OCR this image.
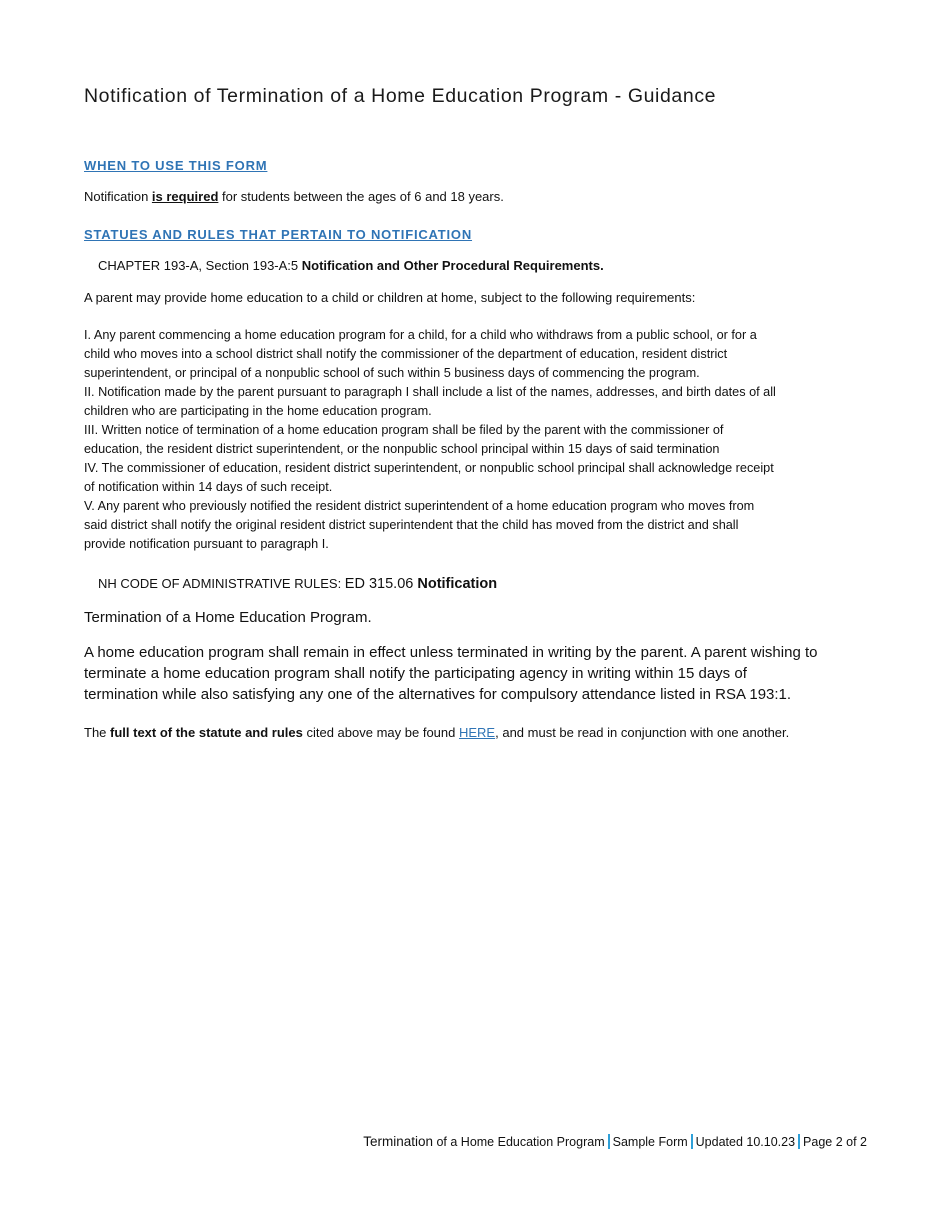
Notification of Termination of a Home Education Program - Guidance
WHEN TO USE THIS FORM
Notification is required for students between the ages of 6 and 18 years.
STATUES AND RULES THAT PERTAIN TO NOTIFICATION
CHAPTER 193-A, Section 193-A:5 Notification and Other Procedural Requirements.
A parent may provide home education to a child or children at home, subject to the following requirements:
I. Any parent commencing a home education program for a child, for a child who withdraws from a public school, or for a
child who moves into a school district shall notify the commissioner of the department of education, resident district
superintendent, or principal of a nonpublic school of such within 5 business days of commencing the program.
II. Notification made by the parent pursuant to paragraph I shall include a list of the names, addresses, and birth dates of all
children who are participating in the home education program.
III. Written notice of termination of a home education program shall be filed by the parent with the commissioner of
education, the resident district superintendent, or the nonpublic school principal within 15 days of said termination
IV. The commissioner of education, resident district superintendent, or nonpublic school principal shall acknowledge receipt
of notification within 14 days of such receipt.
V. Any parent who previously notified the resident district superintendent of a home education program who moves from
said district shall notify the original resident district superintendent that the child has moved from the district and shall
provide notification pursuant to paragraph I.
NH CODE OF ADMINISTRATIVE RULES: ED 315.06 Notification
Termination of a Home Education Program.
A home education program shall remain in effect unless terminated in writing by the parent. A parent wishing to
terminate a home education program shall notify the participating agency in writing within 15 days of
termination while also satisfying any one of the alternatives for compulsory attendance listed in RSA 193:1.
The full text of the statute and rules cited above may be found HERE, and must be read in conjunction with one another.
Termination of a Home Education Program Sample Form Updated 10.10.23 Page 2 of 2
